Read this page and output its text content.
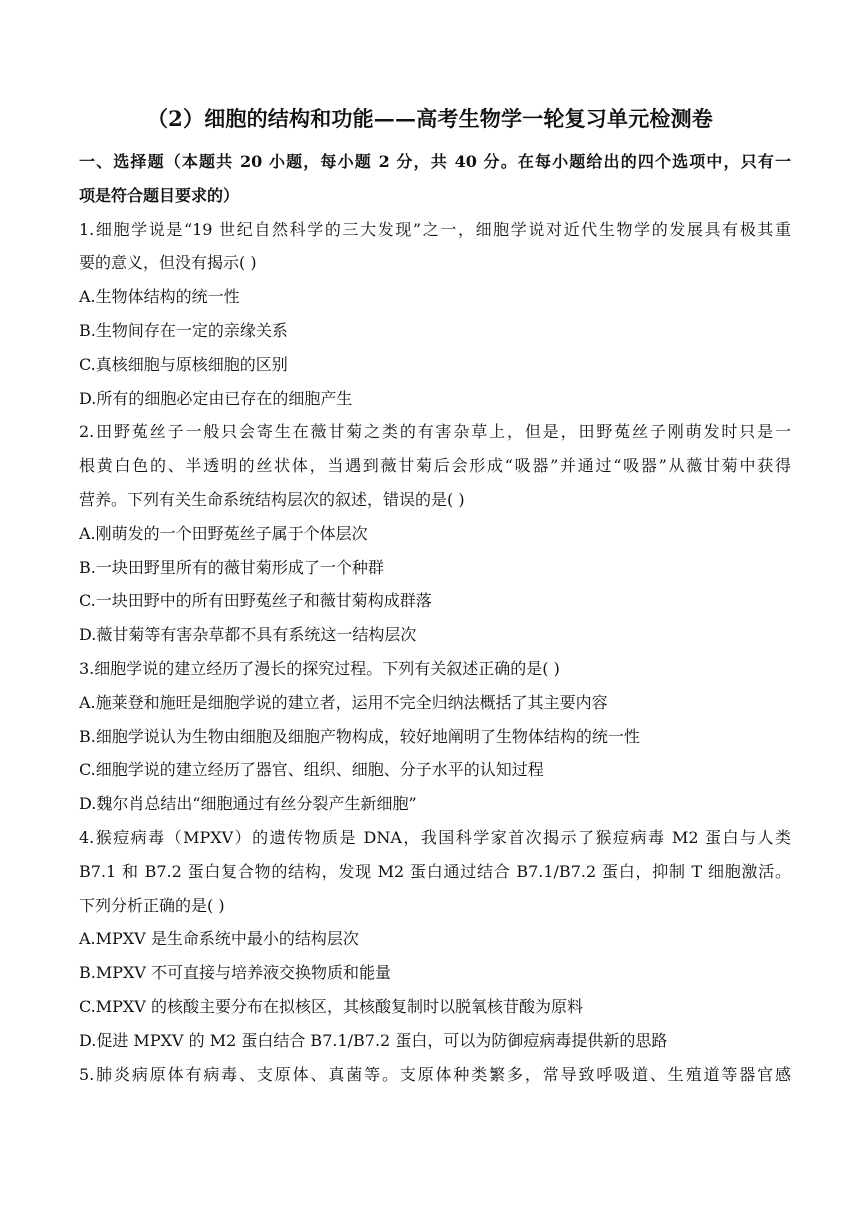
（2）细胞的结构和功能——高考生物学一轮复习单元检测卷
一、选择题（本题共 20 小题，每小题 2 分，共 40 分。在每小题给出的四个选项中，只有一
项是符合题目要求的）
1.细胞学说是“19 世纪自然科学的三大发现”之一，细胞学说对近代生物学的发展具有极其重
要的意义，但没有揭示( )
A.生物体结构的统一性
B.生物间存在一定的亲缘关系
C.真核细胞与原核细胞的区别
D.所有的细胞必定由已存在的细胞产生
2.田野菟丝子一般只会寄生在薇甘菊之类的有害杂草上，但是，田野菟丝子刚萌发时只是一
根黄白色的、半透明的丝状体，当遇到薇甘菊后会形成“吸器”并通过“吸器”从薇甘菊中获得
营养。下列有关生命系统结构层次的叙述，错误的是( )
A.刚萌发的一个田野菟丝子属于个体层次
B.一块田野里所有的薇甘菊形成了一个种群
C.一块田野中的所有田野菟丝子和薇甘菊构成群落
D.薇甘菊等有害杂草都不具有系统这一结构层次
3.细胞学说的建立经历了漫长的探究过程。下列有关叙述正确的是( )
A.施莱登和施旺是细胞学说的建立者，运用不完全归纳法概括了其主要内容
B.细胞学说认为生物由细胞及细胞产物构成，较好地阐明了生物体结构的统一性
C.细胞学说的建立经历了器官、组织、细胞、分子水平的认知过程
D.魏尔肖总结出“细胞通过有丝分裂产生新细胞”
4.猴痘病毒（MPXV）的遗传物质是 DNA，我国科学家首次揭示了猴痘病毒 M2 蛋白与人类
B7.1 和 B7.2 蛋白复合物的结构，发现 M2 蛋白通过结合 B7.1/B7.2 蛋白，抑制 T 细胞激活。
下列分析正确的是( )
A.MPXV 是生命系统中最小的结构层次
B.MPXV 不可直接与培养液交换物质和能量
C.MPXV 的核酸主要分布在拟核区，其核酸复制时以脱氧核苷酸为原料
D.促进 MPXV 的 M2 蛋白结合 B7.1/B7.2 蛋白，可以为防御痘病毒提供新的思路
5.肺炎病原体有病毒、支原体、真菌等。支原体种类繁多，常导致呼吸道、生殖道等器官感
